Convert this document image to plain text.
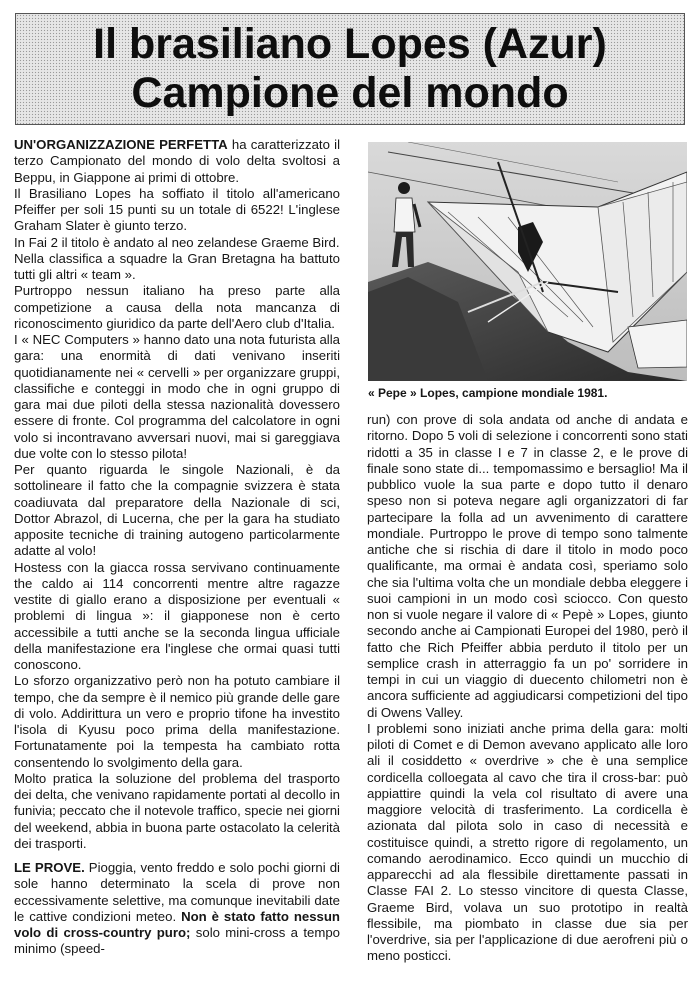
Il brasiliano Lopes (Azur)
Campione del mondo

UN'ORGANIZZAZIONE PERFETTA ha caratterizzato il terzo Campionato del mondo di volo delta svoltosi a Beppu, in Giappone ai primi di ottobre.

Il Brasiliano Lopes ha soffiato il titolo all'americano Pfeiffer per soli 15 punti su un totale di 6522! L'inglese Graham Slater è giunto terzo.

In Fai 2 il titolo è andato al neo zelandese Graeme Bird.

Nella classifica a squadre la Gran Bretagna ha battuto tutti gli altri « team ».

Purtroppo nessun italiano ha preso parte alla competizione a causa della nota mancanza di riconoscimento giuridico da parte dell'Aero club d'Italia.

I « NEC Computers » hanno dato una nota futurista alla gara: una enormità di dati venivano inseriti quotidianamente nei « cervelli » per organizzare gruppi, classifiche e conteggi in modo che in ogni gruppo di gara mai due piloti della stessa nazionalità dovessero essere di fronte. Col programma del calcolatore in ogni volo si incontravano avversari nuovi, mai si gareggiava due volte con lo stesso pilota!

Per quanto riguarda le singole Nazionali, è da sottolineare il fatto che la compagnie svizzera è stata coadiuvata dal preparatore della Nazionale di sci, Dottor Abrazol, di Lucerna, che per la gara ha studiato apposite tecniche di training autogeno particolarmente adatte al volo!

Hostess con la giacca rossa servivano continuamente the caldo ai 114 concorrenti mentre altre ragazze vestite di giallo erano a disposizione per eventuali « problemi di lingua »: il giapponese non è certo accessibile a tutti anche se la seconda lingua ufficiale della manifestazione era l'inglese che ormai quasi tutti conoscono.

Lo sforzo organizzativo però non ha potuto cambiare il tempo, che da sempre è il nemico più grande delle gare di volo. Addirittura un vero e proprio tifone ha investito l'isola di Kyusu poco prima della manifestazione. Fortunatamente poi la tempesta ha cambiato rotta consentendo lo svolgimento della gara.

Molto pratica la soluzione del problema del trasporto dei delta, che venivano rapidamente portati al decollo in funivia; peccato che il notevole traffico, specie nei giorni del weekend, abbia in buona parte ostacolato la celerità dei trasporti.

LE PROVE. Pioggia, vento freddo e solo pochi giorni di sole hanno determinato la scela di prove non eccessivamente selettive, ma comunque inevitabili date le cattive condizioni meteo. Non è stato fatto nessun volo di cross-country puro; solo mini-cross a tempo minimo (speed-

« Pepe » Lopes, campione mondiale 1981.

run) con prove di sola andata od anche di andata e ritorno. Dopo 5 voli di selezione i concorrenti sono stati ridotti a 35 in classe I e 7 in classe 2, e le prove di finale sono state di... tempomassimo e bersaglio! Ma il pubblico vuole la sua parte e dopo tutto il denaro speso non si poteva negare agli organizzatori di far partecipare la folla ad un avvenimento di carattere mondiale. Purtroppo le prove di tempo sono talmente antiche che si rischia di dare il titolo in modo poco qualificante, ma ormai è andata così, speriamo solo che sia l'ultima volta che un mondiale debba eleggere i suoi campioni in un modo così sciocco. Con questo non si vuole negare il valore di « Pepè » Lopes, giunto secondo anche ai Campionati Europei del 1980, però il fatto che Rich Pfeiffer abbia perduto il titolo per un semplice crash in atterraggio fa un po' sorridere in tempi in cui un viaggio di duecento chilometri non è ancora sufficiente ad aggiudicarsi competizioni del tipo di Owens Valley.

I problemi sono iniziati anche prima della gara: molti piloti di Comet e di Demon avevano applicato alle loro ali il cosiddetto « overdrive » che è una semplice cordicella colloegata al cavo che tira il cross-bar: può appiattire quindi la vela col risultato di avere una maggiore velocità di trasferimento. La cordicella è azionata dal pilota solo in caso di necessità e costituisce quindi, a stretto rigore di regolamento, un comando aerodinamico. Ecco quindi un mucchio di apparecchi ad ala flessibile direttamente passati in Classe FAI 2. Lo stesso vincitore di questa Classe, Graeme Bird, volava un suo prototipo in realtà flessibile, ma piombato in classe due sia per l'overdrive, sia per l'applicazione di due aerofreni più o meno posticci.
